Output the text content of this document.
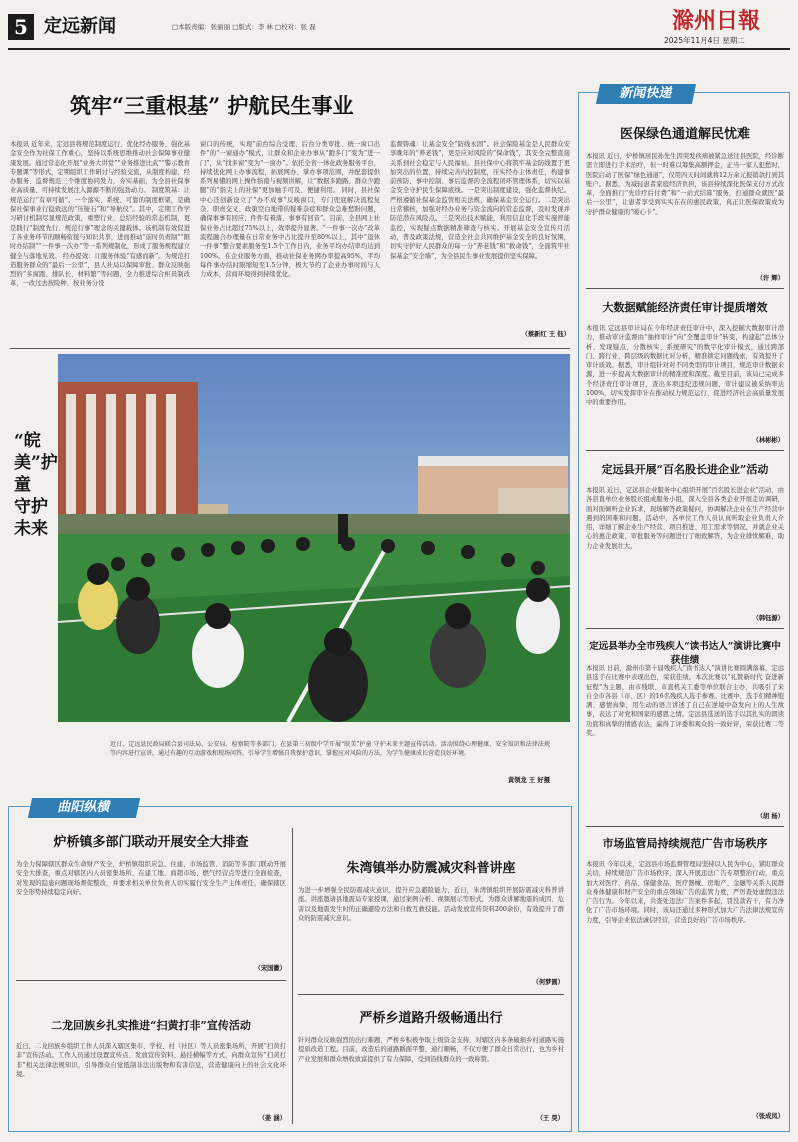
5 定远新闻	□本版责编：张丽丽 □版式：李 林 □校对：张 磊	滁州日報
2025年11月4日 星期二
筑牢“三重根基” 护航民生事业
本报讯 近年来，定远县将规范制度运行、优化经办服务、强化基金安全作为社保工作重心，坚持以系统思维推动社会保障事业健康发展。通过常态化开展“业务大讲堂”“业务推进比武”“警示教育专题课”等形式，定期组织工作研讨与经验交流，从制度构建、经办服务、监督规范三个维度协同发力，夯实基础，为全县社保事业高质量、可持续发展注入源源不断的强劲动力。 制度筑基：让规范运行“有章可循”。一个落实、系统、可靠的制度框架，是确保社保事业行稳致远的“压舱石”和“导航仪”。其中，定期工作学习研讨机制尽显规范政策，重塑行业、总结经验的常态机制，更是践行“制度先行、规范行事”理念的关键载体。该机制有效促进了各业务环节的顺畅衔接与知识共享，进而推动“前时负责制”“限时办结制”“一件事一次办”等一系列规制化，形成了服务规程建立健全与落地见效。 经办提效：让服务体验“有感而新”。为规范打造服务群众的“最后一公里”，县人社局以保障审批、群众反映强烈的“多窗跑、排队长、材料繁”等问题，全力推进综合柜员制改革，一改过去按险种、按业务分设
窗口的传统，实现“前台综合受理、后台分类审批、统一窗口出件”的“一窗通办”模式，让群众和企业办事从“跑多门”变为“进一门”，从“找多窗”变为“一窗办”。依托全省一体化政务服务平台，持续优化网上办事流程，拓展网办、掌办事项范围，并配套提供系列易懂的网上操作指南与视频讲解，让“数据多跑路、群众少跑腿”的“指尖上的社保”更加触手可及、便捷利用。 同时，县社保中心还创新设立了“办不成事”反映窗口，专门兜底解决流程复杂、职责交叉、政策空白地带的疑难杂症和群众急难愁盼问题，确保事事有回应、件件有着落、事事有回音”。目前，全县网上社保业务占比超过75%以上，效率提升显著。“一件事一次办”改革流程融合办理量在日常业务中占比提升至80%以上，其中“退休一件事”整合要素服务至1.5个工作日内，业务平均办结率均达到100%。在企业服务方面，推动社保业务网办率提高95%，平均每件事办结时限缩短至1.5分钟，极大节约了企业办事时间与人力成本，营商环境得到持续优化。
监督铸魂：让基金安全“防线永固”。社会保险基金是人民群众安享晚年的“养老钱”，更是应对风险的“保命钱”，其安全完整直接关系到社会稳定与人民福祉。县社保中心将筑牢基金防线置于更加突出的位置，持续完善内控制度，压实经办主体责任，构建事前预防、事中控制、事后监督的全流程闭环管理体系，切实以基金安全守护民生保障底线。一是突出制度建设，强化监督执纪。严格遵循社保基金监管相关法规，确保基金安全运行。二是突出日常稽核，加强对经办业务与资金流向的常态监督，及时发现并防范潜在风险点。三是突出技术赋能，利用信息化手段实施智能监控，实现疑点数据精准筛查与核实。开展基金安全宣传月活动，普及政策法规，营造全社会共同维护基金安全的良好氛围，切实守护好人民群众的每一分“养老钱”和“救命钱”，全面筑牢社保基金“安全墙”，为全县民生事业发展提供坚实保障。
（蔡新红 王 钰）
“皖美”护童 守护未来
近日，定远县民政局联合县司法局、公安局、检察院等多部门，在县第三初级中学开展“皖美”护童 守护未来主题宣传活动。活动围绕心理健康、安全知识和法律法规等内容进行宣讲，通过有趣的互动游戏和现场问答，引导学生增强自我保护意识，掌握应对风险的方法，为学生健康成长营造良好环境。
黄领龙 王 好摄
新闻快递
医保绿色通道解民忧难
本报讯 近日，炉桥镇居民孙先生因突发疾病被紧急送往县医院，经诊断需立即进行手术治疗，但一时难以筹集高额押金，正当一家人犯愁时，医院启动了医保“绿色通道”，仅用四天时间就将12万余元报销款打到其账户。据悉，为减轻患者家庭经济负担，该县持续深化医保支付方式改革，全面推行“先诊疗后付费”和“一站式结算”服务，打通群众就医“最后一公里”，让患者享受到实实在在的惠民政策，真正让医保政策成为守护群众健康的“暖心卡”。
（许 辉）
大数据赋能经济责任审计提质增效
本报讯 定远县审计局在今年经济责任审计中，深入挖掘大数据审计潜力，推动审计监督由“抽样审计”向“全覆盖审计”转变，构建起“总体分析、发现疑点、分散核实、系统研究”的数字化审计模式，通过跨部门、跨行业、跨层级的数据比对分析，精准锁定问题线索，有效提升了审计质效。据悉，审计组针对对不同类型的审计项目，规范审计数据来源，进一步提高大数据审计的精准度和深度。截至目前，该局已完成多个经济责任审计项目，查出多项违纪违规问题，审计建议被采纳率达100%，切实发挥审计在推动权力规范运行、促进经济社会高质量发展中的重要作用。
（林彬彬）
定远县开展“百名股长进企业”活动
本报讯 近日，定远县企业服务中心组织开展“百名股长进企业”活动，由各县直单位业务股长组成服务小组，深入全县各类企业开展走访调研，面对面倾听企业诉求，现场解答政策疑问，协调解决企业在生产经营中遇到的困难和问题。活动中，各单位工作人员认真听取企业负责人介绍，详细了解企业生产经营、项目推进、用工需求等情况，并就企业关心的惠企政策、审批服务等问题进行了细致解答，为企业排忧解难，助力企业发展壮大。
（韩钰源）
定远县举办全市残疾人“读书达人”演讲比赛中获佳绩
本报讯 日前，滁州市第十届残疾人“读书达人”演讲比赛圆满落幕，定远县选手在比赛中表现出色，荣获佳绩。本次比赛以“礼赞新时代 奋进新征程”为主题，由市残联、市直机关工委等单位联合主办，共吸引了来自全市各县（市、区）的16名残疾人选手参赛。比赛中，选手们精神饱满、感情真挚，用生动的语言讲述了自己在逆境中奋发向上的人生故事，表达了对党和国家的感恩之情。定远县选送的选手以其扎实的朗读功底和真挚的情感表达，赢得了评委和观众的一致好评，荣获比赛二等奖。
（胡 杨）
市场监管局持续规范广告市场秩序
本报讯 今年以来，定远县市场监督管理局坚持以人民为中心，紧盯群众关切，持续规范广告市场秩序，深入开展违法广告专项整治行动，重点加大对医疗、药品、保健食品、医疗器械、房地产、金融等关系人民群众身体健康和财产安全的重点领域广告的监管力度，严厉查处虚假违法广告行为。今年以来，共查处违法广告案件多起，罚没款若干，有力净化了广告市场环境。同时，该局还通过多种形式加大广告法律法规宣传力度，引导企业依法诚信经营，营造良好的广告市场秩序。
（张成凤）
曲阳纵横
炉桥镇多部门联动开展安全大排查
为全力保障辖区群众生命财产安全，炉桥镇组织应急、住建、市场监管、消防等多部门联动开展安全大排查，重点对辖区内人员密集场所、在建工地、商超市场、燃气经营点等进行全面检查，对发现的隐患问题现场督促整改，并要求相关单位负责人切实履行安全生产主体责任，确保辖区安全形势持续稳定向好。
（宋国徽）
朱湾镇举办防震减灾科普讲座
为进一步增强全民防震减灾意识，提升应急避险能力，近日，朱湾镇组织开展防震减灾科普讲座。讲座邀请县地震局专家授课，通过案例分析、视频展示等形式，为群众讲解地震的成因、危害以及地震发生时的正确避险方法和自救互救技能。活动发放宣传资料200余份，有效提升了群众的防震减灾意识。
（何梦圆）
二龙回族乡扎实推进“扫黄打非”宣传活动
近日，二龙回族乡组织工作人员深入辖区集市、学校、村（社区）等人员密集场所，开展“扫黄打非”宣传活动。工作人员通过设置宣传点、发放宣传资料、悬挂横幅等方式，向群众宣传“扫黄打非”相关法律法规知识，引导群众自觉抵制非法出版物和有害信息，营造健康向上的社会文化环境。
（姜 涵）
严桥乡道路升级畅通出行
针对群众反映强烈的出行难题，严桥乡积极争取上级资金支持，对辖区内多条破损乡村道路实施提质改造工程。目前，改造后的道路路面平整、通行顺畅，不仅方便了群众日常出行，也为乡村产业发展和群众增收致富提供了有力保障，受到沿线群众的一致称赞。
（王 昊）
